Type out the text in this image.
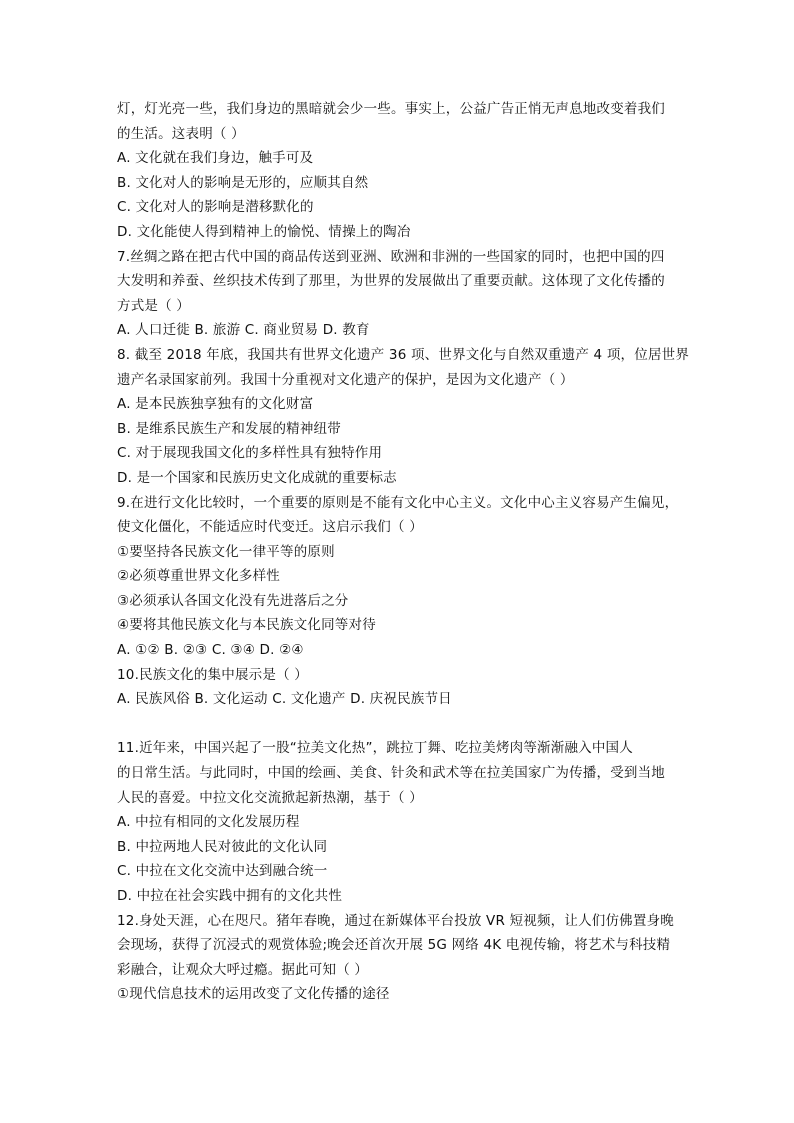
灯，灯光亮一些，我们身边的黑暗就会少一些。事实上，公益广告正悄无声息地改变着我们
的生活。这表明（ ）
A. 文化就在我们身边，触手可及
B. 文化对人的影响是无形的，应顺其自然
C. 文化对人的影响是潜移默化的
D. 文化能使人得到精神上的愉悦、情操上的陶冶
7.丝绸之路在把古代中国的商品传送到亚洲、欧洲和非洲的一些国家的同时，也把中国的四
大发明和养蚕、丝织技术传到了那里，为世界的发展做出了重要贡献。这体现了文化传播的
方式是（ ）
A. 人口迁徙 B. 旅游 C. 商业贸易 D. 教育
8. 截至 2018 年底，我国共有世界文化遗产 36 项、世界文化与自然双重遗产 4 项，位居世界
遗产名录国家前列。我国十分重视对文化遗产的保护，是因为文化遗产（ ）
A. 是本民族独享独有的文化财富
B. 是维系民族生产和发展的精神纽带
C. 对于展现我国文化的多样性具有独特作用
D. 是一个国家和民族历史文化成就的重要标志
9.在进行文化比较时，一个重要的原则是不能有文化中心主义。文化中心主义容易产生偏见，
使文化僵化，不能适应时代变迁。这启示我们（ ）
①要坚持各民族文化一律平等的原则
②必须尊重世界文化多样性
③必须承认各国文化没有先进落后之分
④要将其他民族文化与本民族文化同等对待
A. ①② B. ②③ C. ③④ D. ②④
10.民族文化的集中展示是（ ）
A. 民族风俗 B. 文化运动 C. 文化遗产 D. 庆祝民族节日
11.近年来，中国兴起了一股“拉美文化热”，跳拉丁舞、吃拉美烤肉等渐渐融入中国人
的日常生活。与此同时，中国的绘画、美食、针灸和武术等在拉美国家广为传播，受到当地
人民的喜爱。中拉文化交流掀起新热潮，基于（ ）
A. 中拉有相同的文化发展历程
B. 中拉两地人民对彼此的文化认同
C. 中拉在文化交流中达到融合统一
D. 中拉在社会实践中拥有的文化共性
12.身处天涯，心在咫尺。猪年春晚，通过在新媒体平台投放 VR 短视频，让人们仿佛置身晚
会现场，获得了沉浸式的观赏体验;晚会还首次开展 5G 网络 4K 电视传输，将艺术与科技精
彩融合，让观众大呼过瘾。据此可知（ ）
①现代信息技术的运用改变了文化传播的途径
